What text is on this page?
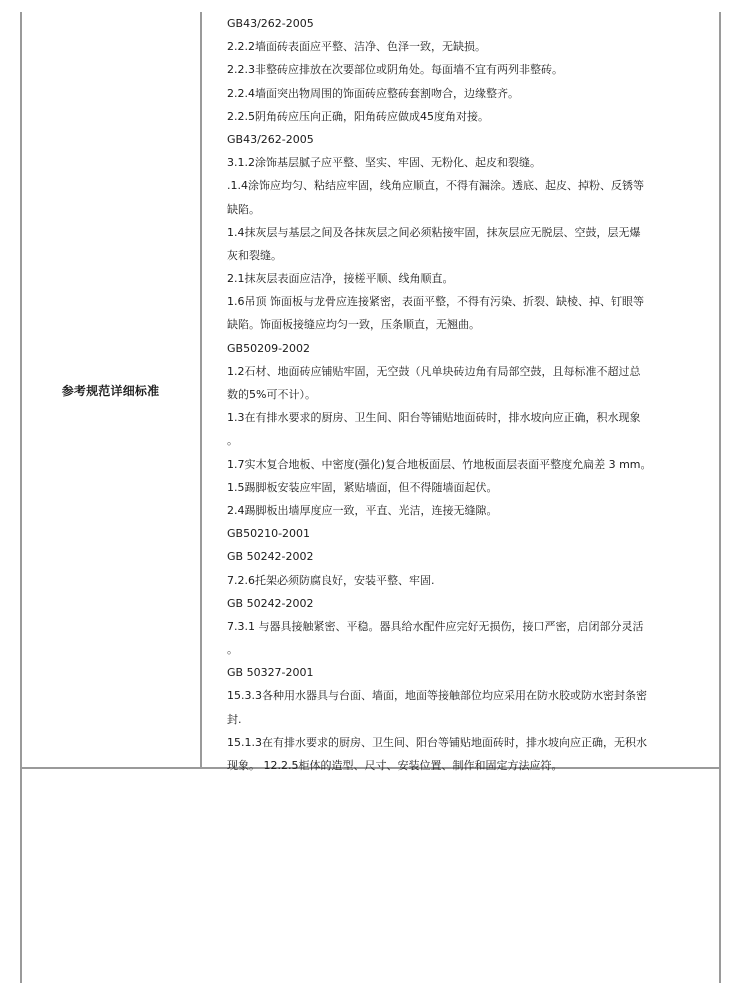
参考规范详细标准
GB43/262-2005
2.2.2墙面砖表面应平整、洁净、色泽一致，无缺损。
2.2.3非整砖应排放在次要部位或阴角处。每面墙不宜有两列非整砖。
2.2.4墙面突出物周围的饰面砖应整砖套割吻合，边缘整齐。
2.2.5阴角砖应压向正确，阳角砖应做成45度角对接。
GB43/262-2005
3.1.2涂饰基层腻子应平整、坚实、牢固、无粉化、起皮和裂缝。
.1.4涂饰应均匀、粘结应牢固，线角应顺直，不得有漏涂。透底、起皮、掉粉、反锈等
缺陷。
1.4抹灰层与基层之间及各抹灰层之间必须粘接牢固，抹灰层应无脱层、空鼓，层无爆
灰和裂缝。
2.1抹灰层表面应洁净，接槎平顺、线角顺直。
1.6吊顶 饰面板与龙骨应连接紧密，表面平整，不得有污染、折裂、缺棱、掉、钉眼等
缺陷。饰面板接缝应均匀一致，压条顺直，无翘曲。
GB50209-2002
1.2石材、地面砖应铺贴牢固，无空鼓（凡单块砖边角有局部空鼓，且每标准不超过总
数的5%可不计）。
1.3在有排水要求的厨房、卫生间、阳台等铺贴地面砖时，排水坡向应正确，积水现象
。
1.7实木复合地板、中密度(强化)复合地板面层、竹地板面层表面平整度允扁差 3 mm。
1.5踢脚板安装应牢固，紧贴墙面，但不得随墙面起伏。
2.4踢脚板出墙厚度应一致，平直、光洁，连接无缝隙。
GB50210-2001
GB 50242-2002
7.2.6托架必须防腐良好，安装平整、牢固.
GB 50242-2002
7.3.1 与器具接触紧密、平稳。器具给水配件应完好无损伤，接口严密，启闭部分灵活
。
GB 50327-2001
15.3.3各种用水器具与台面、墙面，地面等接触部位均应采用在防水胶或防水密封条密
封.
15.1.3在有排水要求的厨房、卫生间、阳台等铺贴地面砖时，排水坡向应正确，无积水
现象。 12.2.5柜体的造型、尺寸、安装位置、制作和固定方法应符。
